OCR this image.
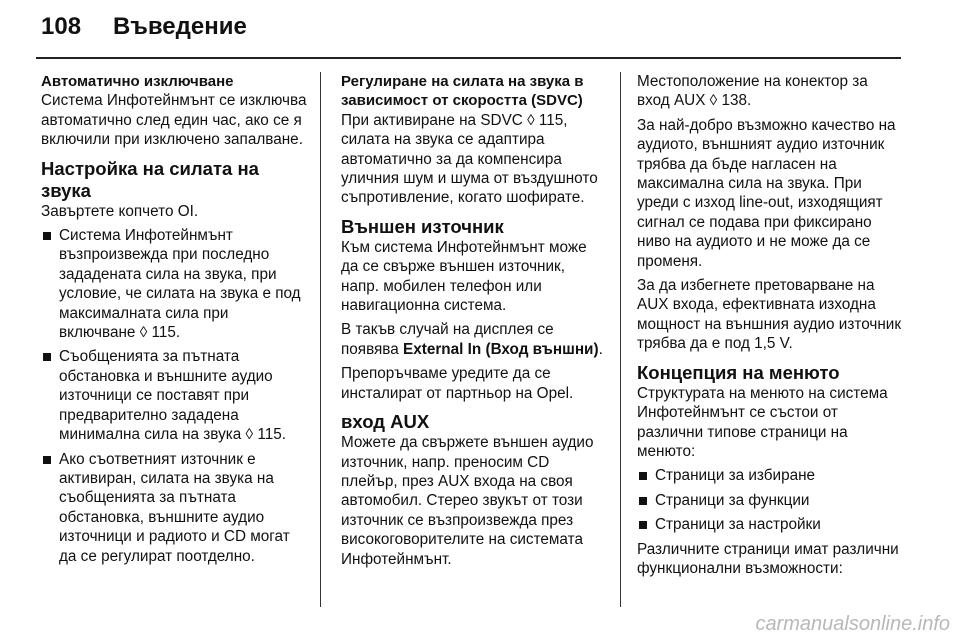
108	Въведение
Автоматично изключване

Система Инфотейнмънт се изключва автоматично след един час, ако се я включили при изключено запалване.

Настройка на силата на звука

Завъртете копчето OI.

Система Инфотейнмънт възпроизвежда при последно зададената сила на звука, при условие, че силата на звука е под максималната сила при включване ◊ 115.
Съобщенията за пътната обстановка и външните аудио източници се поставят при предварително зададена минимална сила на звука ◊ 115.
Ако съответният източник е активиран, силата на звука на съобщенията за пътната обстановка, външните аудио източници и радиото и CD могат да се регулират поотделно.
Регулиране на силата на звука в зависимост от скоростта (SDVC)

При активиране на SDVC ◊ 115, силата на звука се адаптира автоматично за да компенсира уличния шум и шума от въздушното съпротивление, когато шофирате.

Външен източник

Към система Инфотейнмънт може да се свърже външен източник, напр. мобилен телефон или навигационна система.

В такъв случай на дисплея се появява External In (Вход външни).

Препоръчваме уредите да се инсталират от партньор на Opel.

вход AUX

Можете да свържете външен аудио източник, напр. преносим CD плейър, през AUX входа на своя автомобил. Стерео звукът от този източник се възпроизвежда през високоговорителите на системата Инфотейнмънт.

Местоположение на конектор за вход AUX ◊ 138.

За най-добро възможно качество на аудиото, външният аудио източник трябва да бъде нагласен на максимална сила на звука. При уреди с изход line-out, изходящият сигнал се подава при фиксирано ниво на аудиото и не може да се променя.

За да избегнете претоварване на AUX входа, ефективната изходна мощност на външния аудио източник трябва да е под 1,5 V.

Концепция на менюто

Структурата на менюто на система Инфотейнмънт се състои от различни типове страници на менюто:

Страници за избиране
Страници за функции
Страници за настройки

Различните страници имат различни функционални възможности:

carmanualsonline.info
